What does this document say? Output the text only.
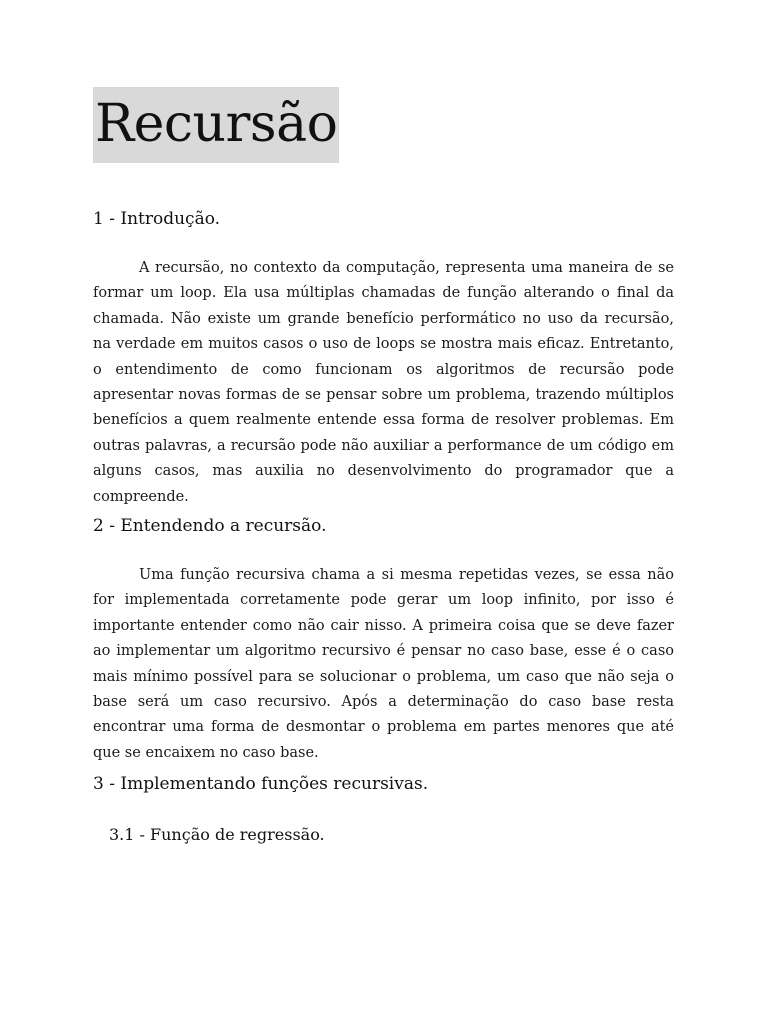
Recursão
1 - Introdução.

A recursão, no contexto da computação, representa uma maneira de se formar um loop. Ela usa múltiplas chamadas de função alterando o final da chamada. Não existe um grande benefício performático no uso da recursão, na verdade em muitos casos o uso de loops se mostra mais eficaz. Entretanto, o entendimento de como funcionam os algoritmos de recursão pode apresentar novas formas de se pensar sobre um problema, trazendo múltiplos benefícios a quem realmente entende essa forma de resolver problemas. Em outras palavras, a recursão pode não auxiliar a performance de um código em alguns casos, mas auxilia no desenvolvimento do programador que a compreende.

2 - Entendendo a recursão.

Uma função recursiva chama a si mesma repetidas vezes, se essa não for implementada corretamente pode gerar um loop infinito, por isso é importante entender como não cair nisso. A primeira coisa que se deve fazer ao implementar um algoritmo recursivo é pensar no caso base, esse é o caso mais mínimo possível para se solucionar o problema, um caso que não seja o base será um caso recursivo. Após a determinação do caso base resta encontrar uma forma de desmontar o problema em partes menores que até que se encaixem no caso base.

3 - Implementando funções recursivas.
3.1 - Função de regressão.
